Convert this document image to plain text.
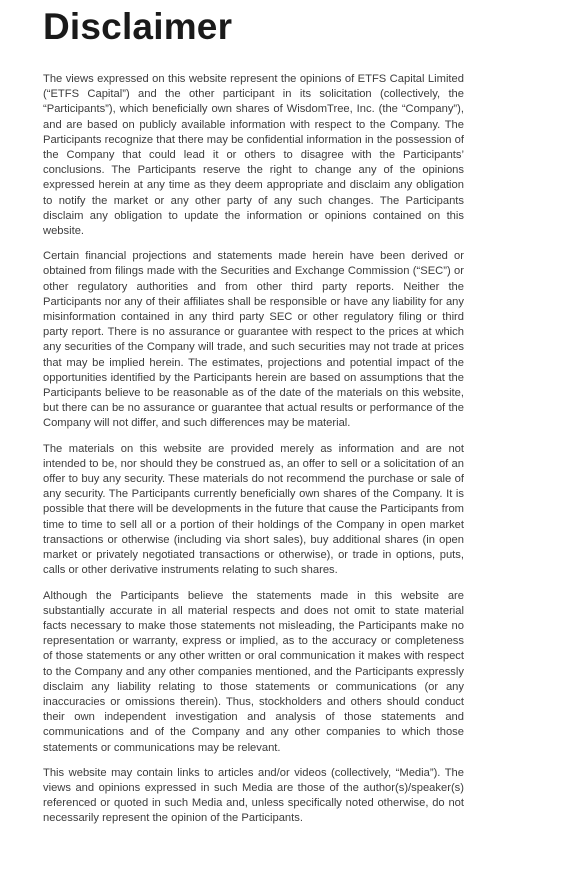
Disclaimer

The views expressed on this website represent the opinions of ETFS Capital Limited (“ETFS Capital”) and the other participant in its solicitation (collectively, the “Participants”), which beneficially own shares of WisdomTree, Inc. (the “Company”), and are based on publicly available information with respect to the Company. The Participants recognize that there may be confidential information in the possession of the Company that could lead it or others to disagree with the Participants’ conclusions. The Participants reserve the right to change any of the opinions expressed herein at any time as they deem appropriate and disclaim any obligation to notify the market or any other party of any such changes. The Participants disclaim any obligation to update the information or opinions contained on this website.

Certain financial projections and statements made herein have been derived or obtained from filings made with the Securities and Exchange Commission (“SEC”) or other regulatory authorities and from other third party reports. Neither the Participants nor any of their affiliates shall be responsible or have any liability for any misinformation contained in any third party SEC or other regulatory filing or third party report. There is no assurance or guarantee with respect to the prices at which any securities of the Company will trade, and such securities may not trade at prices that may be implied herein. The estimates, projections and potential impact of the opportunities identified by the Participants herein are based on assumptions that the Participants believe to be reasonable as of the date of the materials on this website, but there can be no assurance or guarantee that actual results or performance of the Company will not differ, and such differences may be material.

The materials on this website are provided merely as information and are not intended to be, nor should they be construed as, an offer to sell or a solicitation of an offer to buy any security. These materials do not recommend the purchase or sale of any security. The Participants currently beneficially own shares of the Company. It is possible that there will be developments in the future that cause the Participants from time to time to sell all or a portion of their holdings of the Company in open market transactions or otherwise (including via short sales), buy additional shares (in open market or privately negotiated transactions or otherwise), or trade in options, puts, calls or other derivative instruments relating to such shares.

Although the Participants believe the statements made in this website are substantially accurate in all material respects and does not omit to state material facts necessary to make those statements not misleading, the Participants make no representation or warranty, express or implied, as to the accuracy or completeness of those statements or any other written or oral communication it makes with respect to the Company and any other companies mentioned, and the Participants expressly disclaim any liability relating to those statements or communications (or any inaccuracies or omissions therein). Thus, stockholders and others should conduct their own independent investigation and analysis of those statements and communications and of the Company and any other companies to which those statements or communications may be relevant.

This website may contain links to articles and/or videos (collectively, “Media”). The views and opinions expressed in such Media are those of the author(s)/speaker(s) referenced or quoted in such Media and, unless specifically noted otherwise, do not necessarily represent the opinion of the Participants.
